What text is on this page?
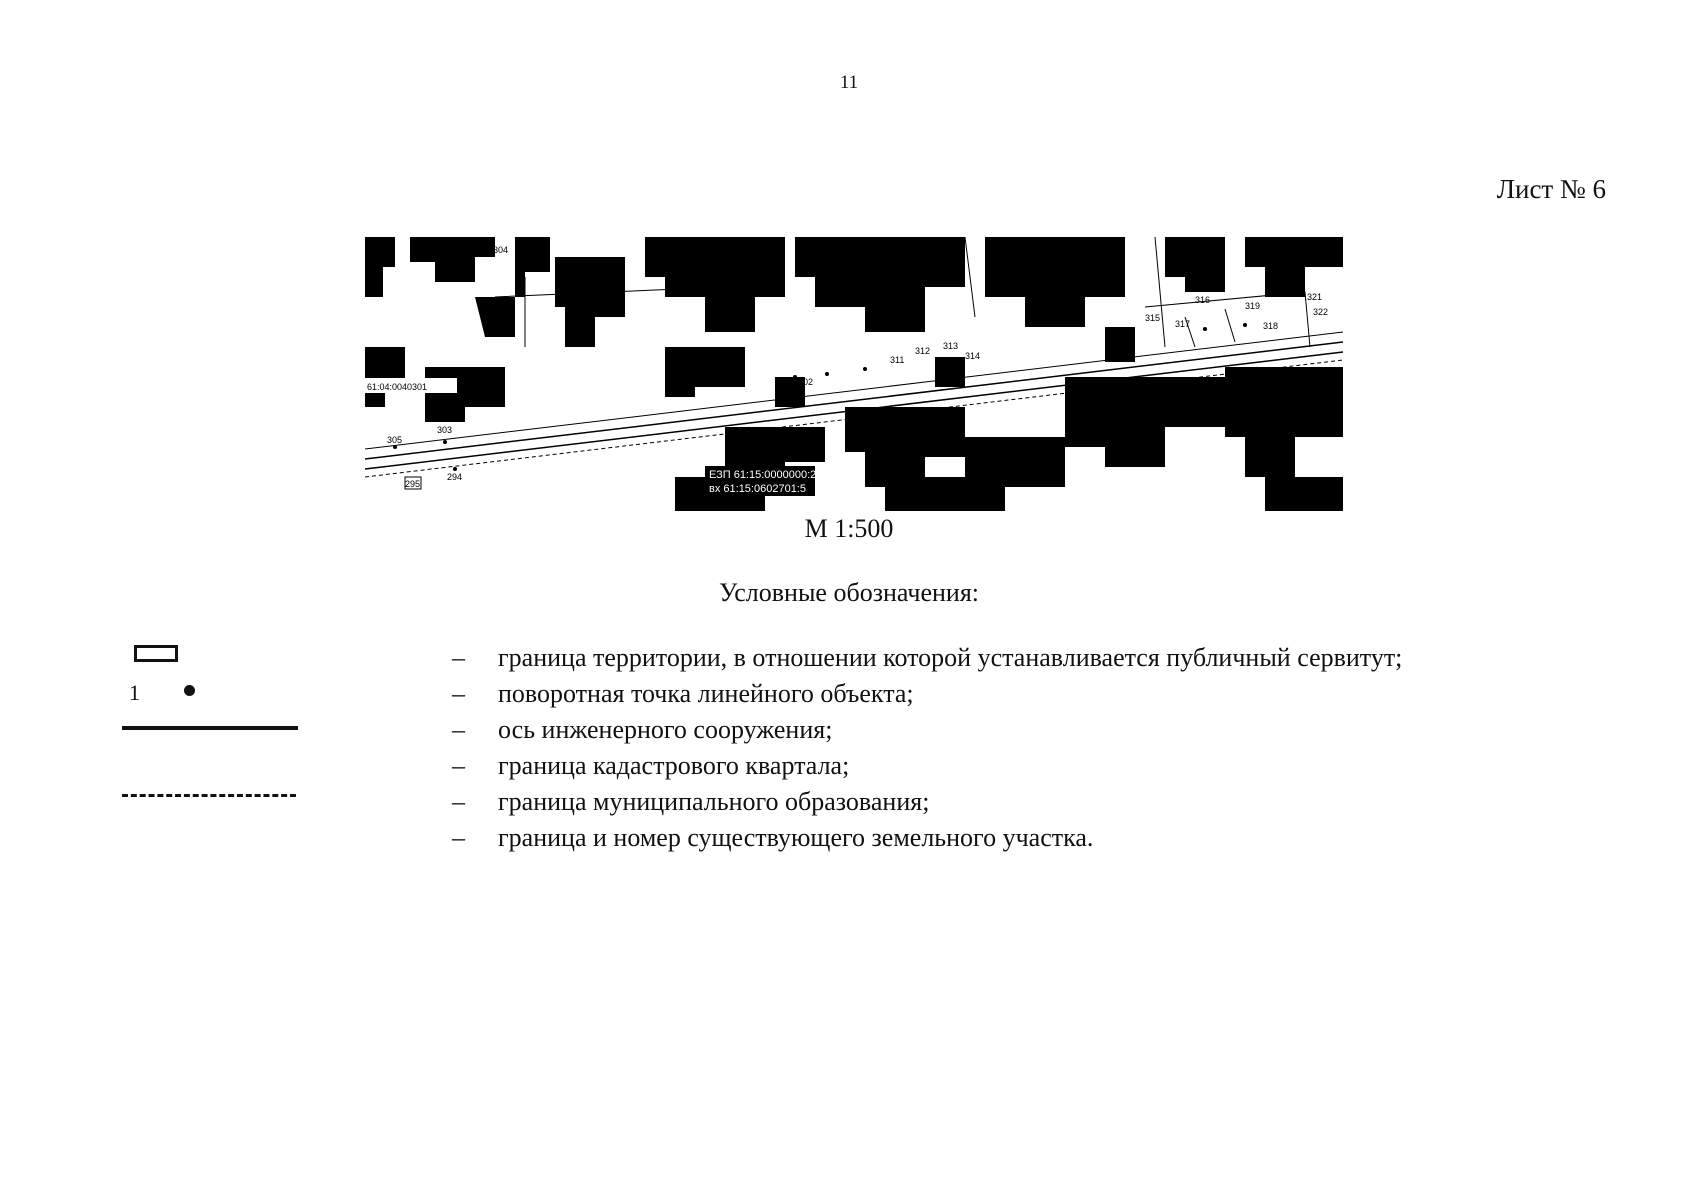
11
Лист № 6
61:04:0040301
304
302
303
305
294
295
311
312 313
314
315
316
317	318
319
321
322
ЕЗП 61:15:0000000:24
вх 61:15:0602701:5
М 1:500
Условные обозначения:
– граница территории, в отношении которой устанавливается публичный сервитут;
1	– поворотная точка линейного объекта;
– ось инженерного сооружения;
– граница кадастрового квартала;
– граница муниципального образования;
– граница и номер существующего земельного участка.
